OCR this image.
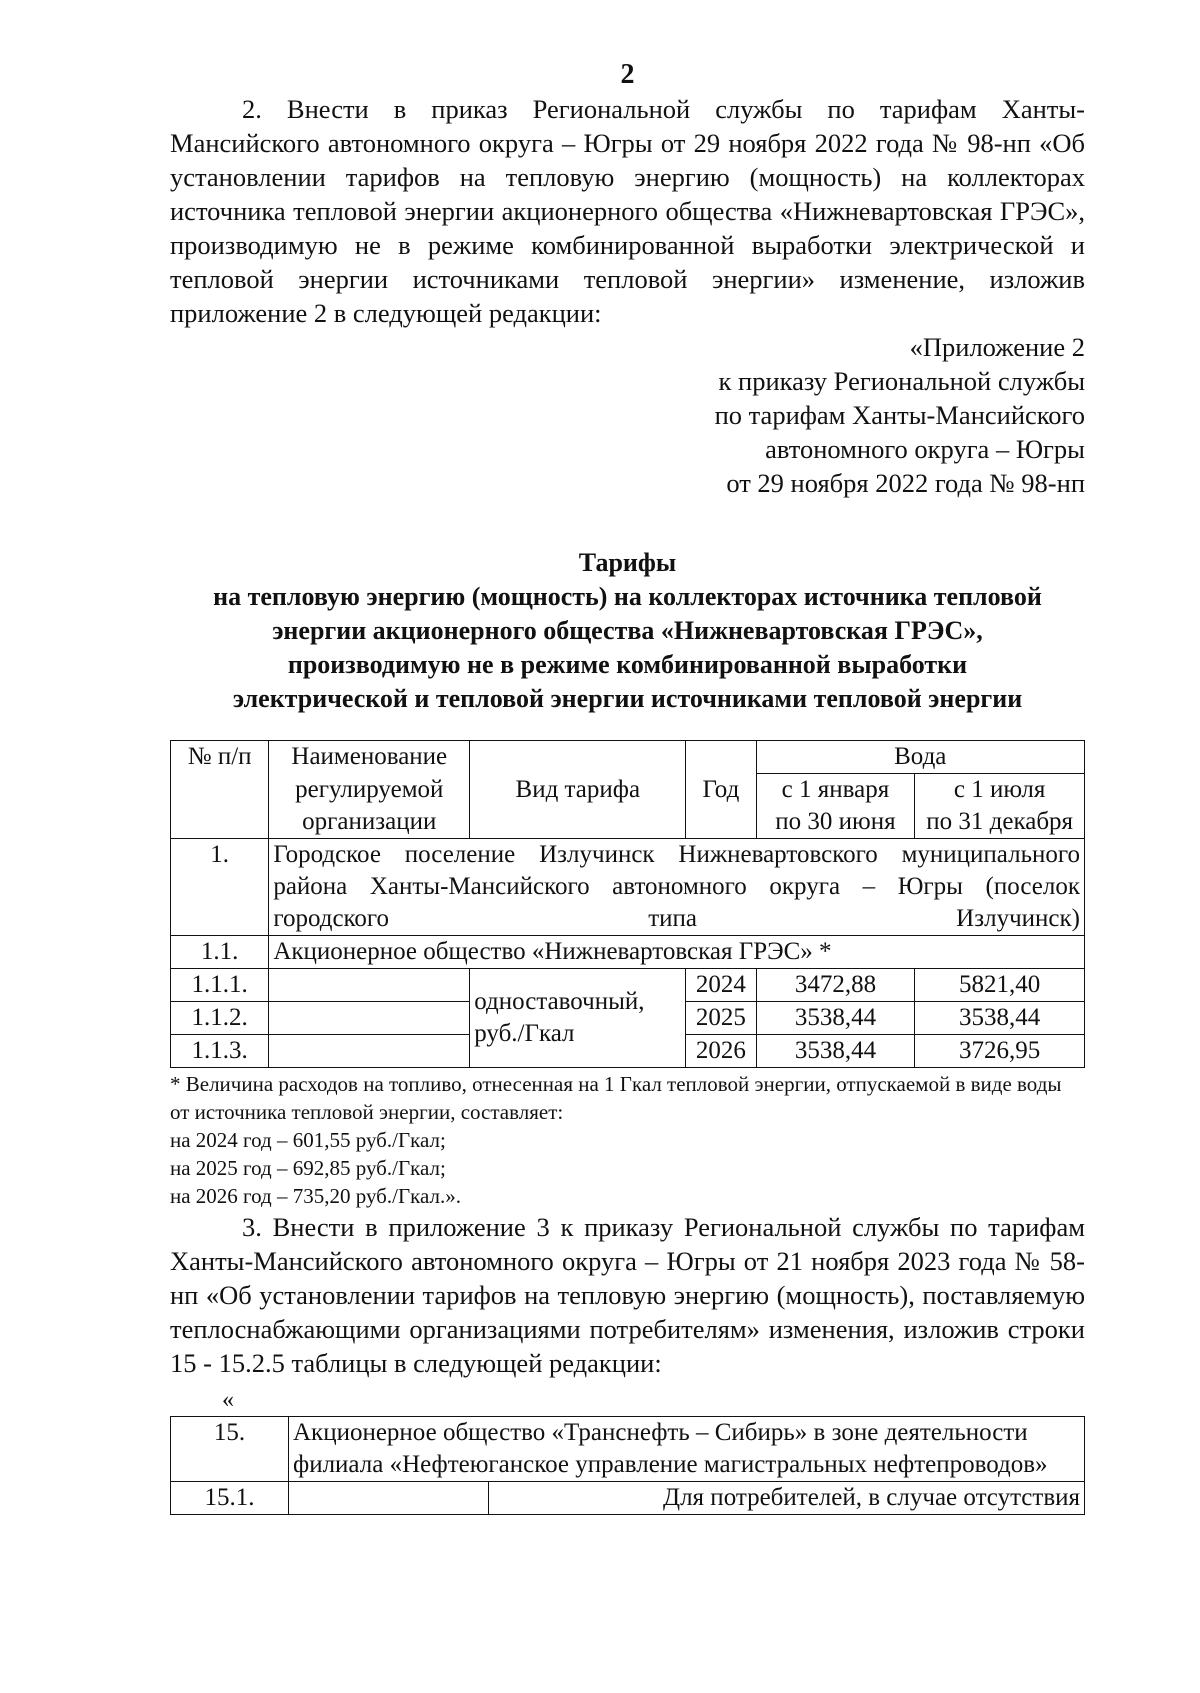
2

2. Внести в приказ Региональной службы по тарифам Ханты-Мансийского автономного округа – Югры от 29 ноября 2022 года № 98-нп «Об установлении тарифов на тепловую энергию (мощность) на коллекторах источника тепловой энергии акционерного общества «Нижневартовская ГРЭС», производимую не в режиме комбинированной выработки электрической и тепловой энергии источниками тепловой энергии» изменение, изложив приложение 2 в следующей редакции:

«Приложение 2
к приказу Региональной службы
по тарифам Ханты-Мансийского
автономного округа – Югры
от 29 ноября 2022 года № 98-нп
Тарифы
на тепловую энергию (мощность) на коллекторах источника тепловой
энергии акционерного общества «Нижневартовская ГРЭС»,
производимую не в режиме комбинированной выработки
электрической и тепловой энергии источниками тепловой энергии
№ п/п	Наименование	Вид тарифа	Год	Вода	
	регулируемой			с 1 января	с 1 июля
	организации			по 30 июня	по 31 декабря
1.	Городское поселение Излучинск Нижневартовского муниципального района Ханты-Мансийского автономного округа – Югры (поселок городского типа Излучинск)				
1.1.	Акционерное общество «Нижневартовская ГРЭС» *				
1.1.1.		одноставочный, руб./Гкал	2024	3472,88	5821,40
1.1.2.			2025	3538,44	3538,44
1.1.3.			2026	3538,44	3726,95
* Величина расходов на топливо, отнесенная на 1 Гкал тепловой энергии, отпускаемой в виде воды от источника тепловой энергии, составляет:
на 2024 год – 601,55 руб./Гкал;
на 2025 год – 692,85 руб./Гкал;
на 2026 год – 735,20 руб./Гкал.».

3. Внести в приложение 3 к приказу Региональной службы по тарифам Ханты-Мансийского автономного округа – Югры от 21 ноября 2023 года № 58-нп «Об установлении тарифов на тепловую энергию (мощность), поставляемую теплоснабжающими организациями потребителям» изменения, изложив строки 15 - 15.2.5 таблицы в следующей редакции:

«
15.	Акционерное общество «Транснефть – Сибирь» в зоне деятельности филиала «Нефтеюганское управление магистральных нефтепроводов»	
15.1.		Для потребителей, в случае отсутствия
